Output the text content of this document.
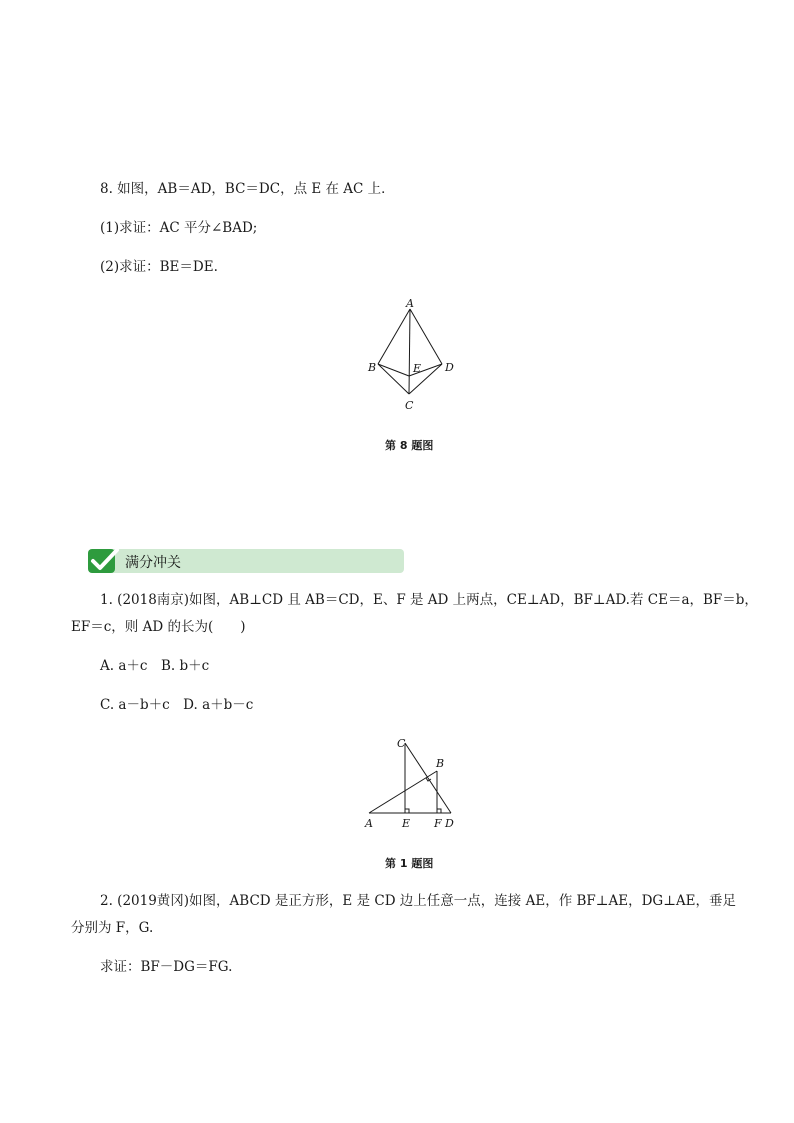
8. 如图，AB＝AD，BC＝DC，点 E 在 AC 上．
(1)求证：AC 平分∠BAD;
(2)求证：BE＝DE.
A
B	D
E
C
第 8 题图
满分冲关
1. (2018南京)如图，AB⊥CD 且 AB＝CD，E、F 是 AD 上两点，CE⊥AD，BF⊥AD.若 CE＝a，BF＝b，
EF＝c，则 AD 的长为(　　)
A. a＋c　B. b＋c
C. a－b＋c　D. a＋b－c
C
B
A	E F D
第 1 题图
2. (2019黄冈)如图，ABCD 是正方形，E 是 CD 边上任意一点，连接 AE，作 BF⊥AE，DG⊥AE，垂足
分别为 F，G.
求证：BF－DG＝FG.
